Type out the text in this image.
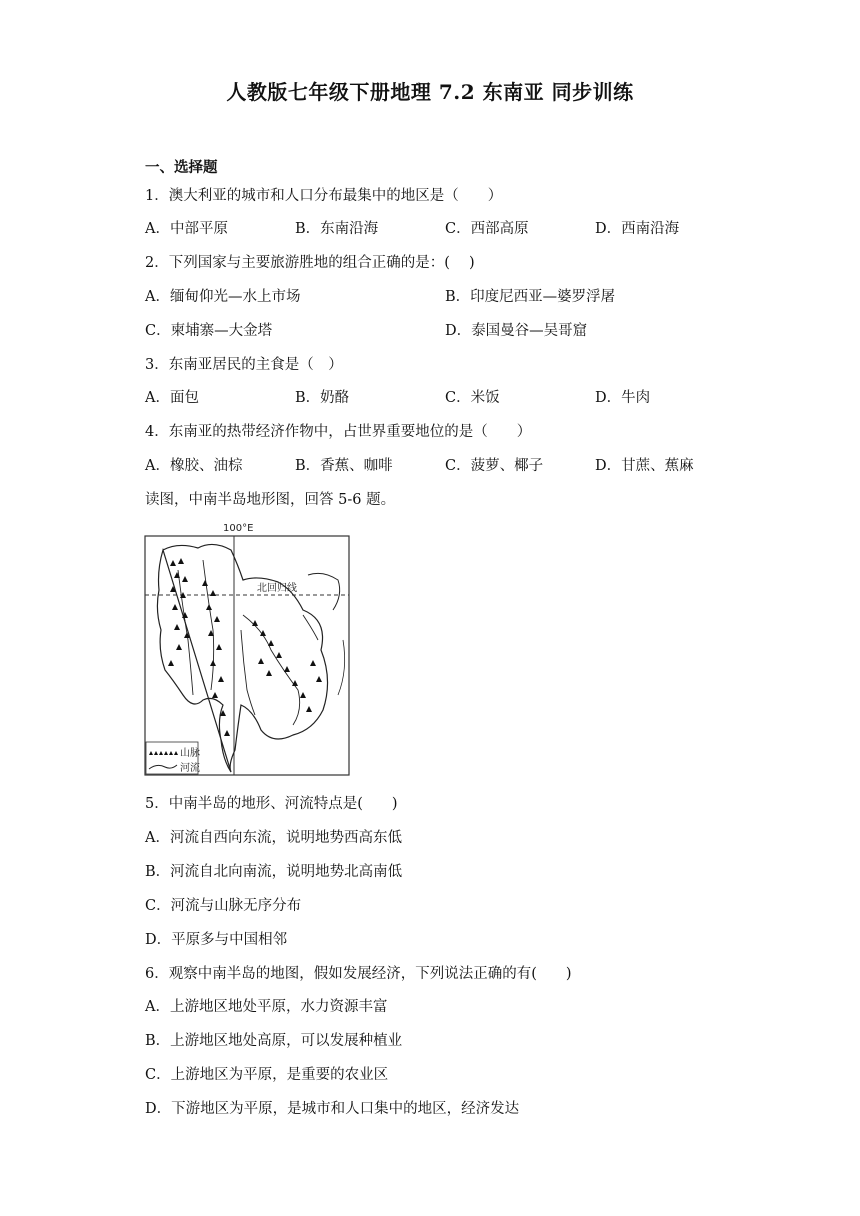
人教版七年级下册地理 7.2 东南亚 同步训练
一、选择题
1．澳大利亚的城市和人口分布最集中的地区是（　　）
A．中部平原	B．东南沿海	C．西部高原	D．西南沿海
2．下列国家与主要旅游胜地的组合正确的是：(　 )
A．缅甸仰光—水上市场	B．印度尼西亚—婆罗浮屠
C．柬埔寨—大金塔	D．泰国曼谷—吴哥窟
3．东南亚居民的主食是（　）
A．面包	B．奶酪	C．米饭	D．牛肉
4．东南亚的热带经济作物中，占世界重要地位的是（　　）
A．橡胶、油棕	B．香蕉、咖啡	C．菠萝、椰子	D．甘蔗、蕉麻
读图，中南半岛地形图，回答 5-6 题。
100°E
北回归线
山脉
河流
5．中南半岛的地形、河流特点是(　　)
A．河流自西向东流，说明地势西高东低
B．河流自北向南流，说明地势北高南低
C．河流与山脉无序分布
D．平原多与中国相邻
6．观察中南半岛的地图，假如发展经济，下列说法正确的有(　　)
A．上游地区地处平原，水力资源丰富
B．上游地区地处高原，可以发展种植业
C．上游地区为平原，是重要的农业区
D．下游地区为平原，是城市和人口集中的地区，经济发达
